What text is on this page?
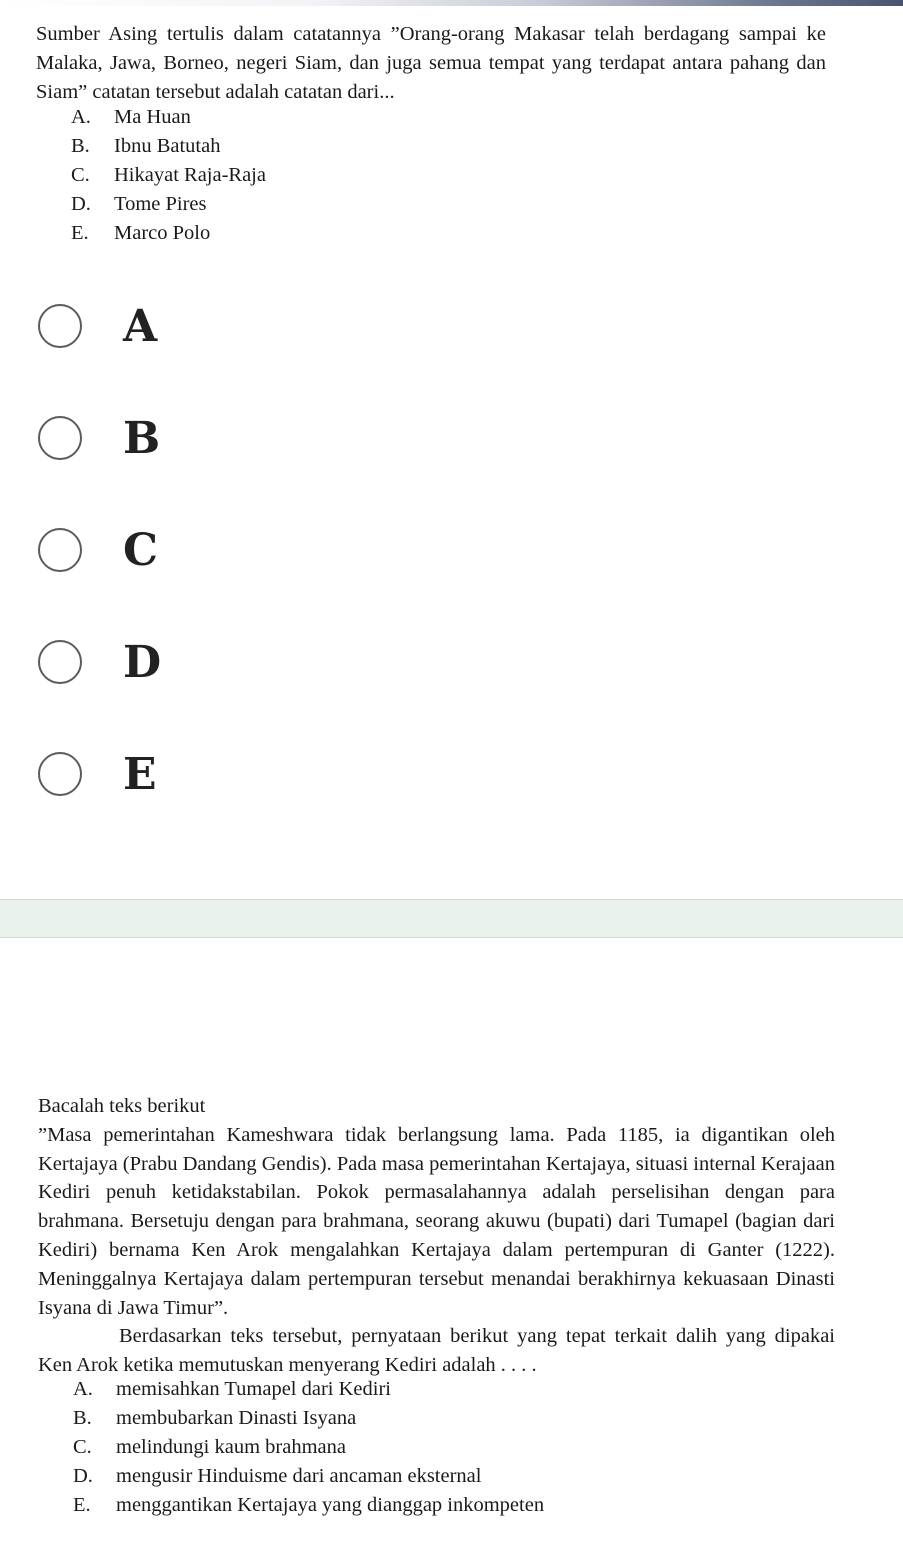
Sumber Asing tertulis dalam catatannya ”Orang-orang Makasar telah berdagang sampai ke Malaka, Jawa, Borneo, negeri Siam, dan juga semua tempat yang terdapat antara pahang dan Siam” catatan tersebut adalah catatan dari...

A.	Ma Huan
B.	Ibnu Batutah
C.	Hikayat Raja-Raja
D.	Tome Pires
E.	Marco Polo
A
B
C
D
E

Bacalah teks berikut

”Masa pemerintahan Kameshwara tidak berlangsung lama. Pada 1185, ia digantikan oleh Kertajaya (Prabu Dandang Gendis). Pada masa pemerintahan Kertajaya, situasi internal Kerajaan Kediri penuh ketidakstabilan. Pokok permasalahannya adalah perselisihan dengan para brahmana. Bersetuju dengan para brahmana, seorang akuwu (bupati) dari Tumapel (bagian dari Kediri) bernama Ken Arok mengalahkan Kertajaya dalam pertempuran di Ganter (1222). Meninggalnya Kertajaya dalam pertempuran tersebut menandai berakhirnya kekuasaan Dinasti Isyana di Jawa Timur”.

Berdasarkan teks tersebut, pernyataan berikut yang tepat terkait dalih yang dipakai Ken Arok ketika memutuskan menyerang Kediri adalah . . . .

A.	memisahkan Tumapel dari Kediri
B.	membubarkan Dinasti Isyana
C.	melindungi kaum brahmana
D.	mengusir Hinduisme dari ancaman eksternal
E.	menggantikan Kertajaya yang dianggap inkompeten
